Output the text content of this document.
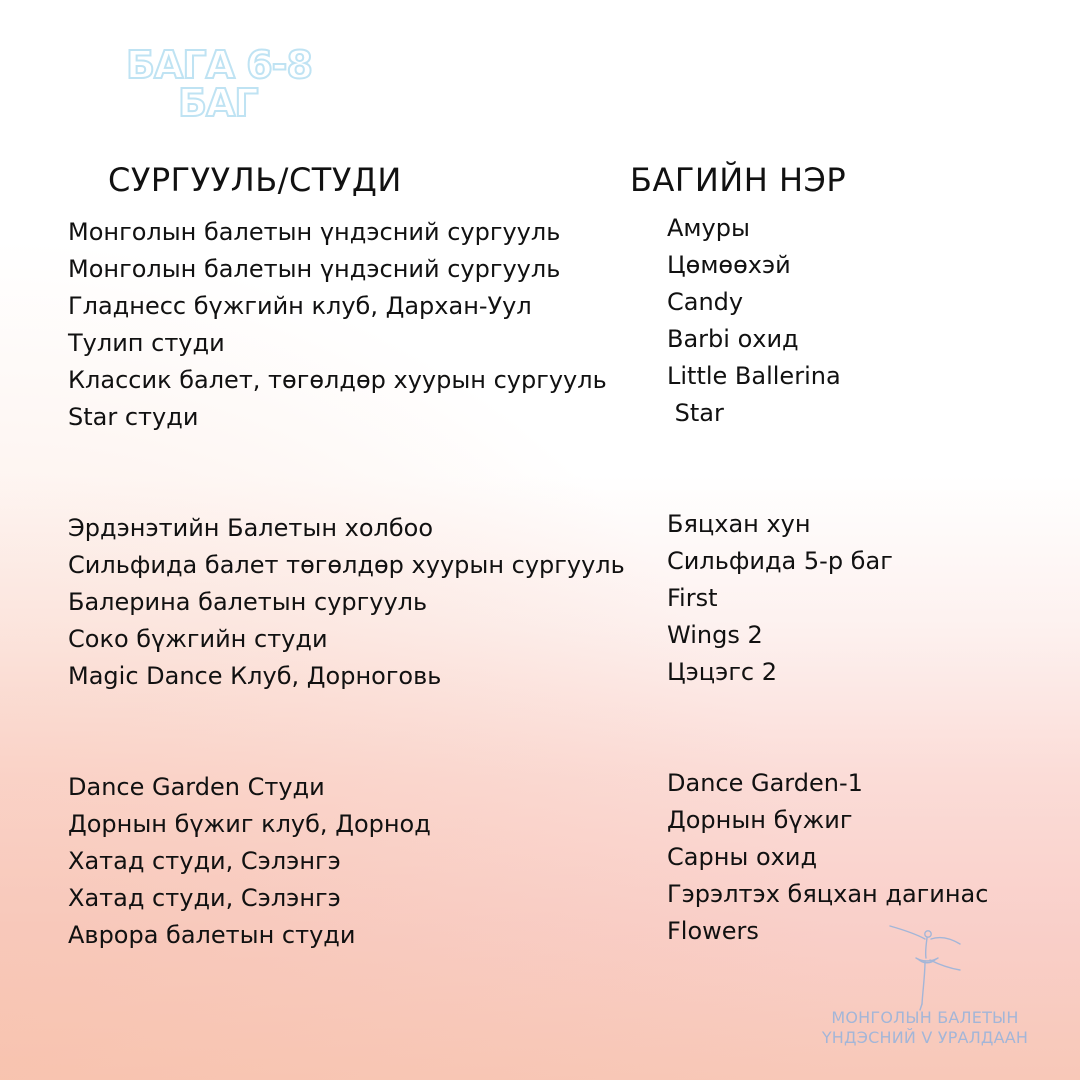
БАГА 6-8
БАГ
СУРГУУЛЬ/СТУДИ	БАГИЙН НЭР
Монголын балетын үндэсний сургууль
Монголын балетын үндэсний сургууль
Гладнесс бүжгийн клуб, Дархан-Уул
Тулип студи
Классик балет, төгөлдөр хуурын сургууль
Star студи
Амуры
Цөмөөхэй
Candy
Barbi охид
Little Ballerina
Star
Эрдэнэтийн Балетын холбоо
Сильфида балет төгөлдөр хуурын сургууль
Балерина балетын сургууль
Соко бүжгийн студи
Magic Dance Клуб, Дорноговь
Бяцхан хун
Сильфида 5-р баг
First
Wings 2
Цэцэгс 2
Dance Garden Студи
Дорнын бүжиг клуб, Дорнод
Хатад студи, Сэлэнгэ
Хатад студи, Сэлэнгэ
Аврора балетын студи
Dance Garden-1
Дорнын бүжиг
Сарны охид
Гэрэлтэх бяцхан дагинас
Flowers
МОНГОЛЫН БАЛЕТЫН
ҮНДЭСНИЙ V УРАЛДААН
